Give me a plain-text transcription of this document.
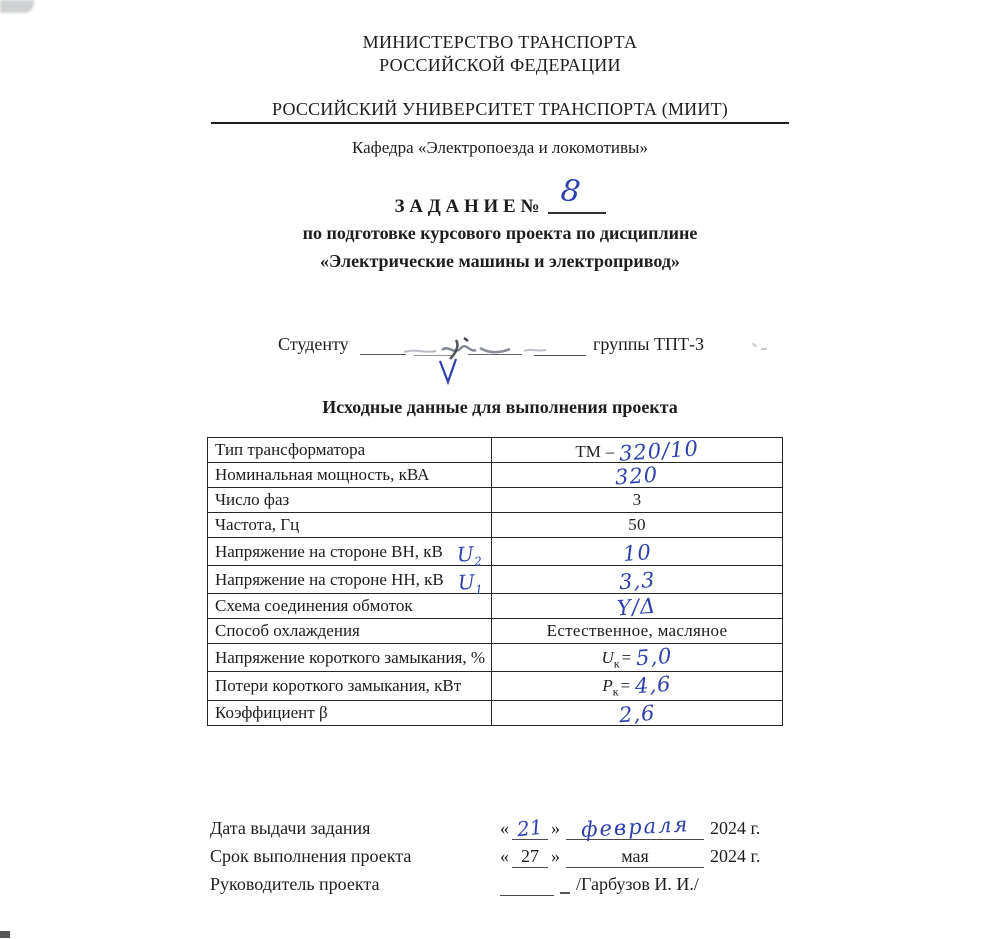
МИНИСТЕРСТВО ТРАНСПОРТА
РОССИЙСКОЙ ФЕДЕРАЦИИ
РОССИЙСКИЙ УНИВЕРСИТЕТ ТРАНСПОРТА (МИИТ)
Кафедра «Электропоезда и локомотивы»
З А Д А Н И Е № 8
по подготовке курсового проекта по дисциплине
«Электрические машины и электропривод»
Студенту	группы ТПТ-3
Исходные данные для выполнения проекта
Тип трансформатора	ТМ – 320/10
Номинальная мощность, кВА	320
Число фаз	3
Частота, Гц	50
Напряжение на стороне ВН, кВ $U_2$	10
Напряжение на стороне НН, кВ $U_1$	3,3
Схема соединения обмоток	Y/Δ
Способ охлаждения	Естественное, масляное
Напряжение короткого замыкания, %	$U_к = 5,0$
Потери короткого замыкания, кВт	$P_к = 4,6$
Коэффициент β	2,6
Дата выдачи задания	« 21 » февраля	2024 г.
Срок выполнения проекта	« 27 »	мая	2024 г.
Руководитель проекта	/Гарбузов И. И./
